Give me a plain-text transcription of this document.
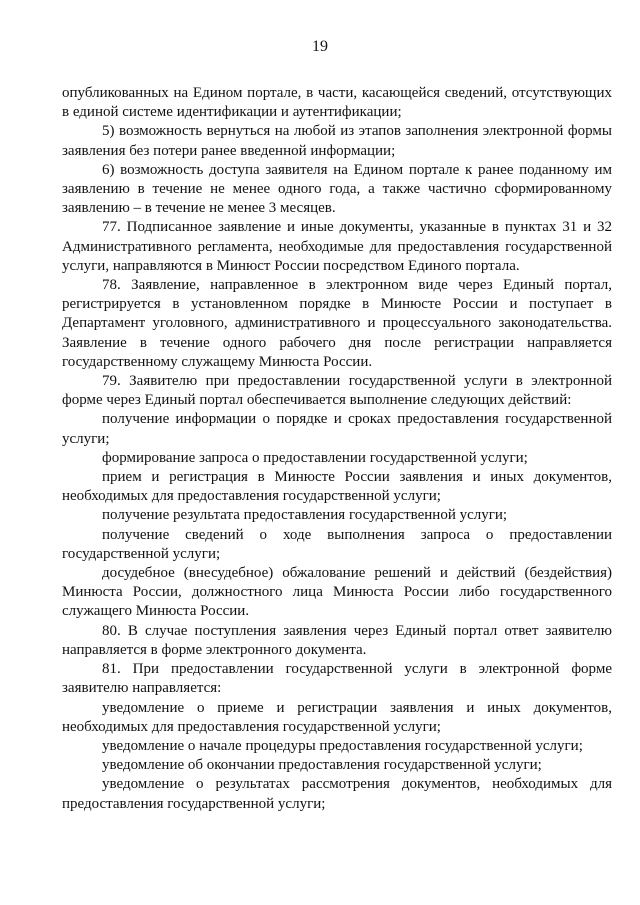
19

опубликованных на Едином портале, в части, касающейся сведений, отсутствующих в единой системе идентификации и аутентификации;

5) возможность вернуться на любой из этапов заполнения электронной формы заявления без потери ранее введенной информации;

6) возможность доступа заявителя на Едином портале к ранее поданному им заявлению в течение не менее одного года, а также частично сформированному заявлению – в течение не менее 3 месяцев.

77. Подписанное заявление и иные документы, указанные в пунктах 31 и 32 Административного регламента, необходимые для предоставления государственной услуги, направляются в Минюст России посредством Единого портала.

78. Заявление, направленное в электронном виде через Единый портал, регистрируется в установленном порядке в Минюсте России и поступает в Департамент уголовного, административного и процессуального законодательства. Заявление в течение одного рабочего дня после регистрации направляется государственному служащему Минюста России.

79. Заявителю при предоставлении государственной услуги в электронной форме через Единый портал обеспечивается выполнение следующих действий:

получение информации о порядке и сроках предоставления государственной услуги;

формирование запроса о предоставлении государственной услуги;

прием и регистрация в Минюсте России заявления и иных документов, необходимых для предоставления государственной услуги;

получение результата предоставления государственной услуги;

получение сведений о ходе выполнения запроса о предоставлении государственной услуги;

досудебное (внесудебное) обжалование решений и действий (бездействия) Минюста России, должностного лица Минюста России либо государственного служащего Минюста России.

80. В случае поступления заявления через Единый портал ответ заявителю направляется в форме электронного документа.

81. При предоставлении государственной услуги в электронной форме заявителю направляется:

уведомление о приеме и регистрации заявления и иных документов, необходимых для предоставления государственной услуги;

уведомление о начале процедуры предоставления государственной услуги;

уведомление об окончании предоставления государственной услуги;

уведомление о результатах рассмотрения документов, необходимых для предоставления государственной услуги;
